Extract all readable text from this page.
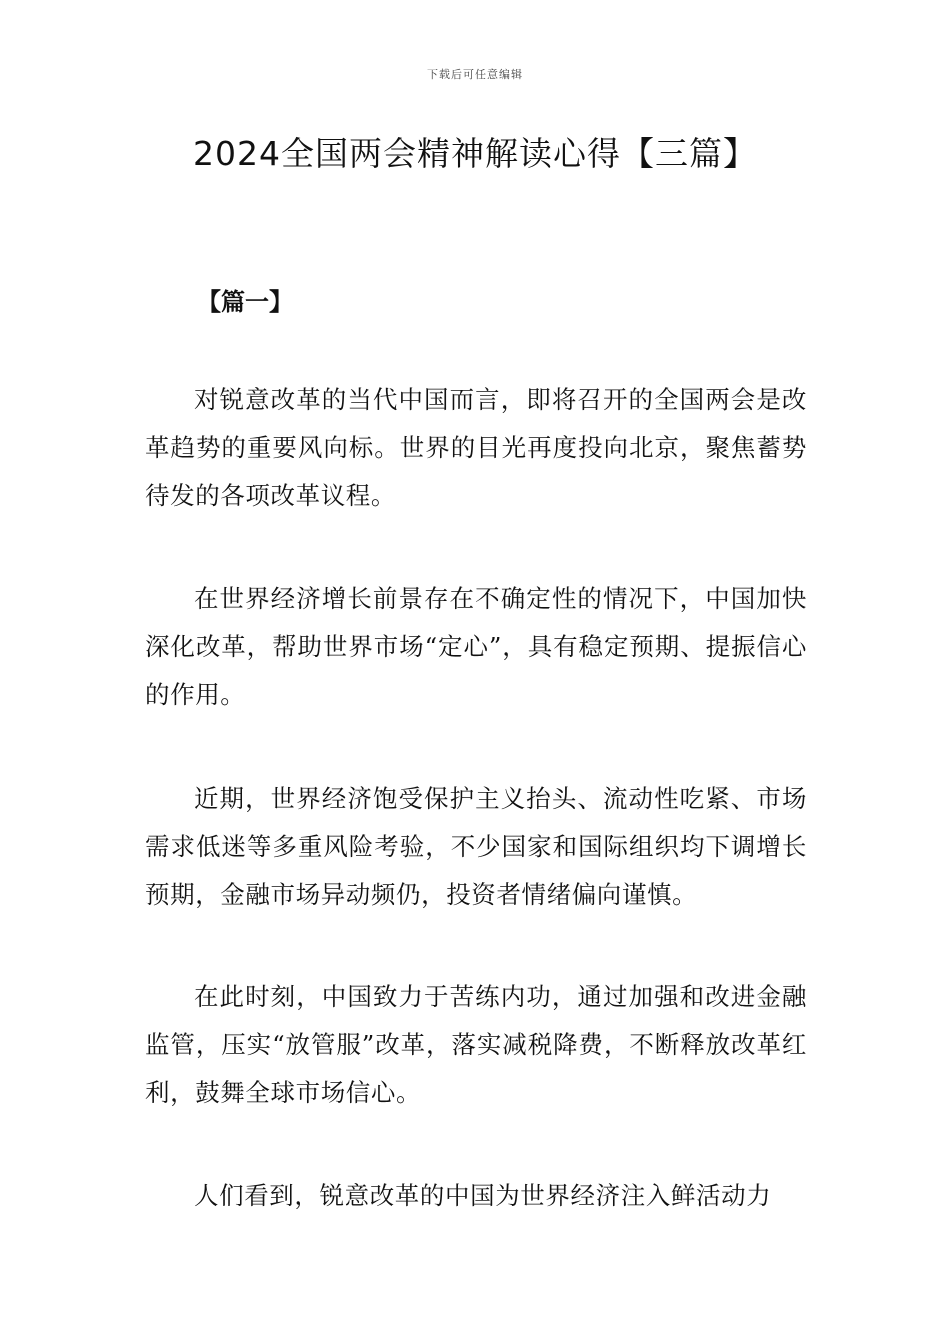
下载后可任意编辑
2024全国两会精神解读心得【三篇】
【篇一】

对锐意改革的当代中国而言，即将召开的全国两会是改革趋势的重要风向标。世界的目光再度投向北京，聚焦蓄势待发的各项改革议程。

在世界经济增长前景存在不确定性的情况下，中国加快深化改革，帮助世界市场“定心”，具有稳定预期、提振信心的作用。

近期，世界经济饱受保护主义抬头、流动性吃紧、市场需求低迷等多重风险考验，不少国家和国际组织均下调增长预期，金融市场异动频仍，投资者情绪偏向谨慎。

在此时刻，中国致力于苦练内功，通过加强和改进金融监管，压实“放管服”改革，落实减税降费，不断释放改革红利，鼓舞全球市场信心。

人们看到，锐意改革的中国为世界经济注入鲜活动力
